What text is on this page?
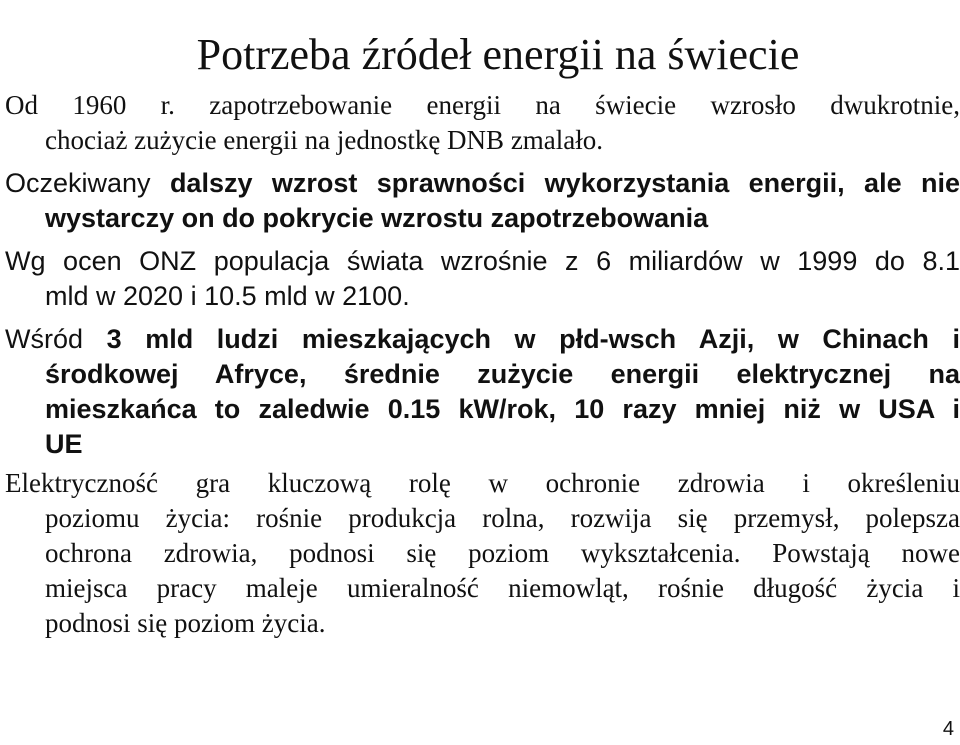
Potrzeba źródeł energii na świecie
Od 1960 r. zapotrzebowanie energii na świecie wzrosło dwukrotnie,
chociaż zużycie energii na jednostkę DNB zmalało.
Oczekiwany dalszy wzrost sprawności wykorzystania energii, ale nie
wystarczy on do pokrycie wzrostu zapotrzebowania
Wg ocen ONZ populacja świata wzrośnie z 6 miliardów w 1999 do 8.1
mld w 2020 i 10.5 mld w 2100.
Wśród 3 mld ludzi mieszkających w płd-wsch Azji, w Chinach i
środkowej Afryce, średnie zużycie energii elektrycznej na
mieszkańca to zaledwie 0.15 kW/rok, 10 razy mniej niż w USA i
UE
Elektryczność gra kluczową rolę w ochronie zdrowia i określeniu
poziomu życia: rośnie produkcja rolna, rozwija się przemysł, polepsza
ochrona zdrowia, podnosi się poziom wykształcenia. Powstają nowe
miejsca pracy maleje umieralność niemowląt, rośnie długość życia i
podnosi się poziom życia.
4
